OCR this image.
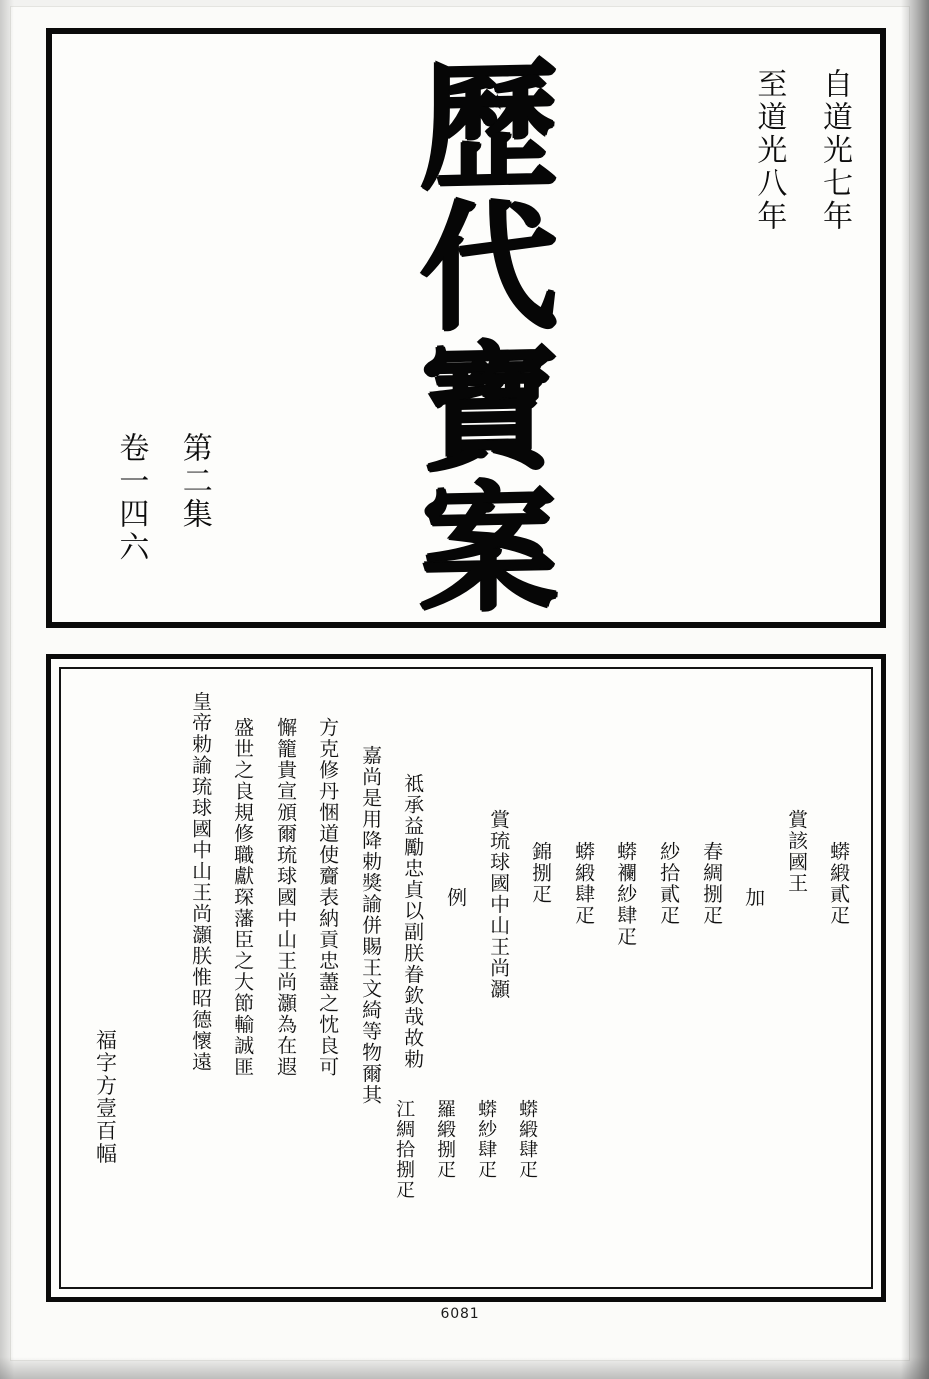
至道光八年 自道光七年
歷代寶案
卷一四六 第二集
皇帝勅諭琉球國中山王尚灝朕惟昭德懷遠 盛世之良規修職獻琛藩臣之大節輸誠匪 懈籠貴宣頒爾琉球國中山王尚灝為在遐 方克修丹悃道使齎表納貢忠藎之忱良可 嘉尚是用降勅獎諭併賜王文綺等物爾其 祗承益勵忠貞以副朕眷欽哉故勅 例 賞琉球國中山王尚灝 錦捌疋 蟒緞肆疋 蟒襴紗肆疋 紗拾貳疋 春綢捌疋 加
賞該國王 蟒緞貳疋
江綢拾捌疋 羅緞捌疋 蟒紗肆疋 蟒緞肆疋
福字方壹百幅
6081
